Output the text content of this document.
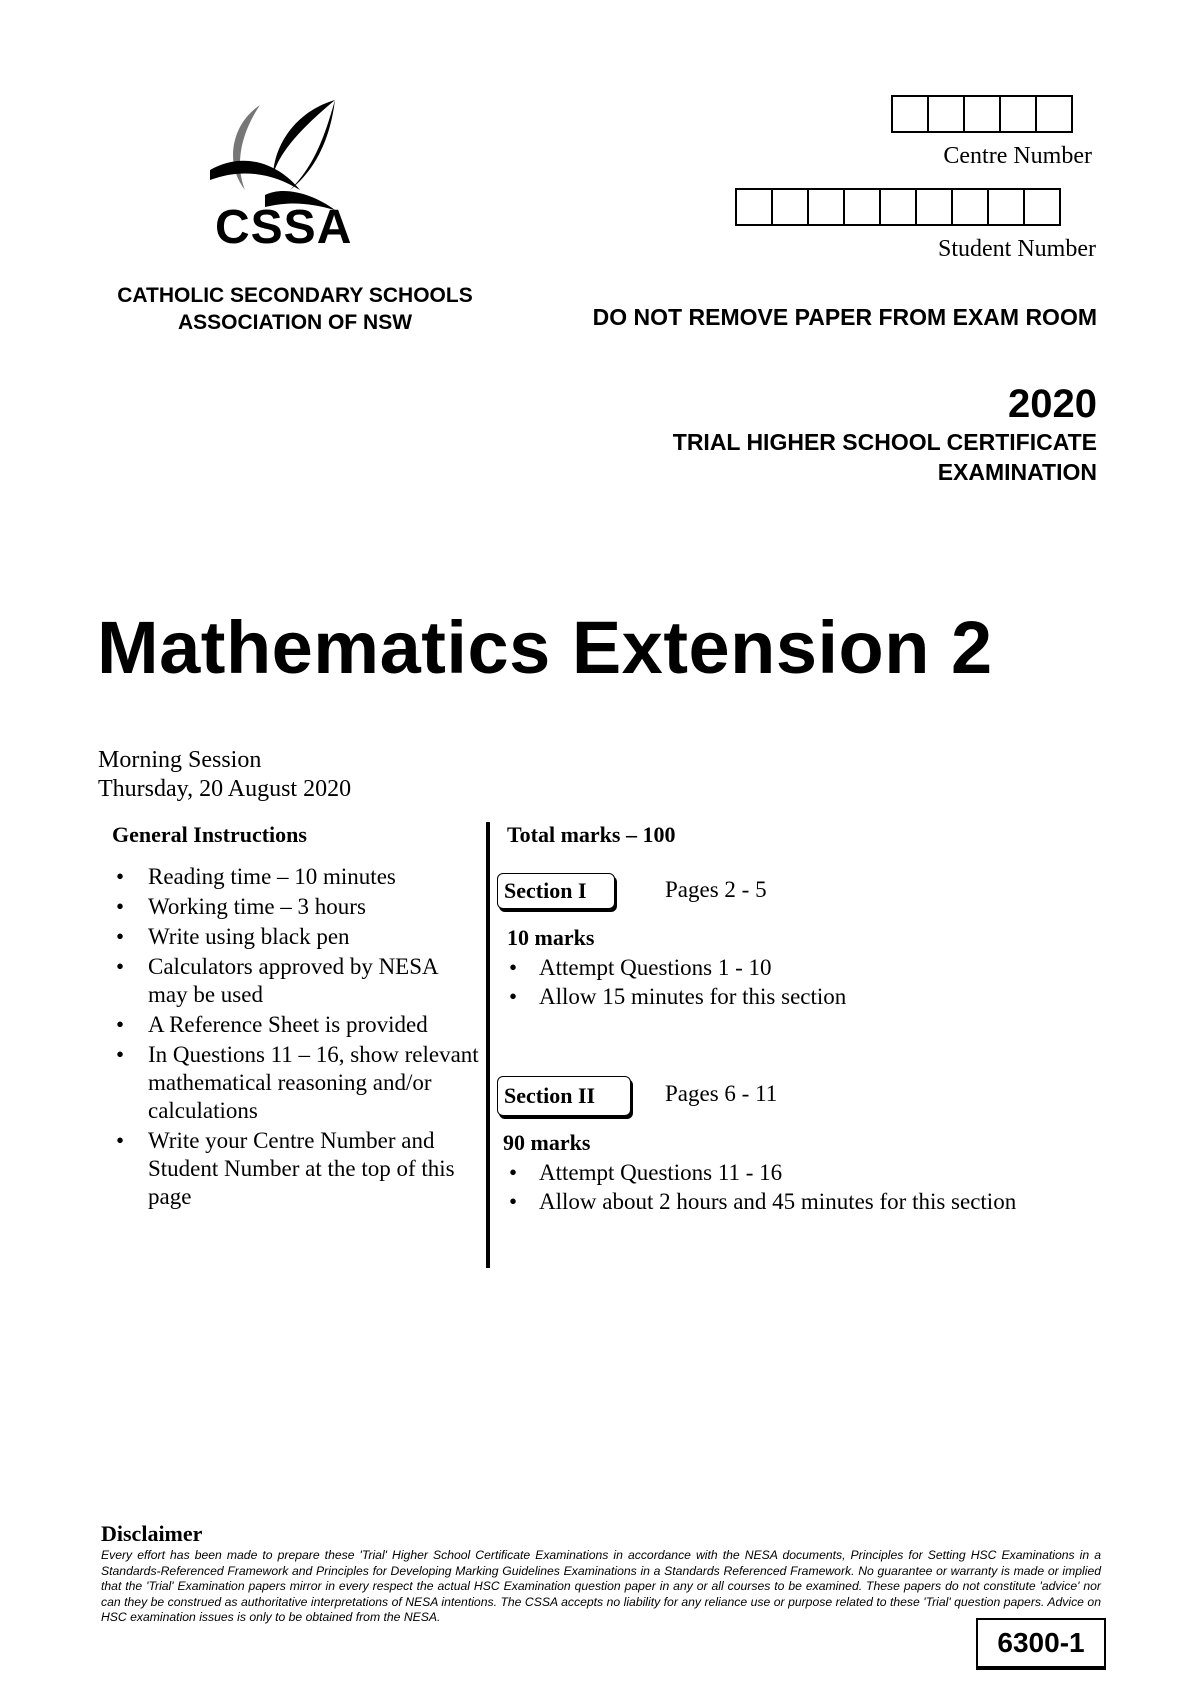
CSSA
CATHOLIC SECONDARY SCHOOLS
ASSOCIATION OF NSW
Centre Number
Student Number
DO NOT REMOVE PAPER FROM EXAM ROOM
2020
TRIAL HIGHER SCHOOL CERTIFICATE
EXAMINATION
Mathematics Extension 2
Morning Session
Thursday, 20 August 2020
General Instructions
• Reading time – 10 minutes
• Working time – 3 hours
• Write using black pen
• Calculators approved by NESA may be used
• A Reference Sheet is provided
• In Questions 11 – 16, show relevant mathematical reasoning and/or calculations
• Write your Centre Number and Student Number at the top of this page
Total marks – 100
Section I	Pages 2 - 5
10 marks
• Attempt Questions 1 - 10
• Allow 15 minutes for this section
Section II	Pages 6 - 11
90 marks
• Attempt Questions 11 - 16
• Allow about 2 hours and 45 minutes for this section
Disclaimer
Every effort has been made to prepare these 'Trial' Higher School Certificate Examinations in accordance with the NESA documents, Principles for Setting HSC Examinations in a Standards-Referenced Framework and Principles for Developing Marking Guidelines Examinations in a Standards Referenced Framework. No guarantee or warranty is made or implied that the 'Trial' Examination papers mirror in every respect the actual HSC Examination question paper in any or all courses to be examined. These papers do not constitute 'advice' nor can they be construed as authoritative interpretations of NESA intentions. The CSSA accepts no liability for any reliance use or purpose related to these 'Trial' question papers. Advice on HSC examination issues is only to be obtained from the NESA.
6300-1
